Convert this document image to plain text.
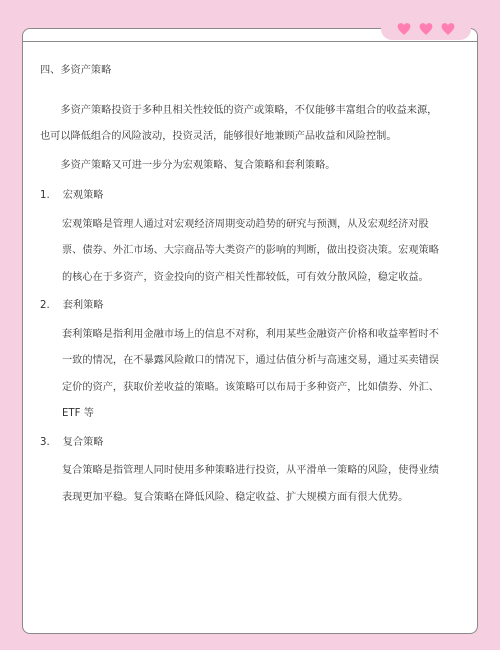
四、多资产策略

多资产策略投资于多种且相关性较低的资产或策略，不仅能够丰富组合的收益来源，也可以降低组合的风险波动，投资灵活，能够很好地兼顾产品收益和风险控制。

多资产策略又可进一步分为宏观策略、复合策略和套利策略。

1. 宏观策略

宏观策略是管理人通过对宏观经济周期变动趋势的研究与预测，从及宏观经济对股票、债券、外汇市场、大宗商品等大类资产的影响的判断，做出投资决策。宏观策略的核心在于多资产，资金投向的资产相关性都较低，可有效分散风险，稳定收益。

2. 套利策略

套利策略是指利用金融市场上的信息不对称，利用某些金融资产价格和收益率暂时不一致的情况，在不暴露风险敞口的情况下，通过估值分析与高速交易，通过买卖错误定价的资产，获取价差收益的策略。该策略可以布局于多种资产，比如债券、外汇、ETF 等

3. 复合策略

复合策略是指管理人同时使用多种策略进行投资，从平滑单一策略的风险，使得业绩表现更加平稳。复合策略在降低风险、稳定收益、扩大规模方面有很大优势。
